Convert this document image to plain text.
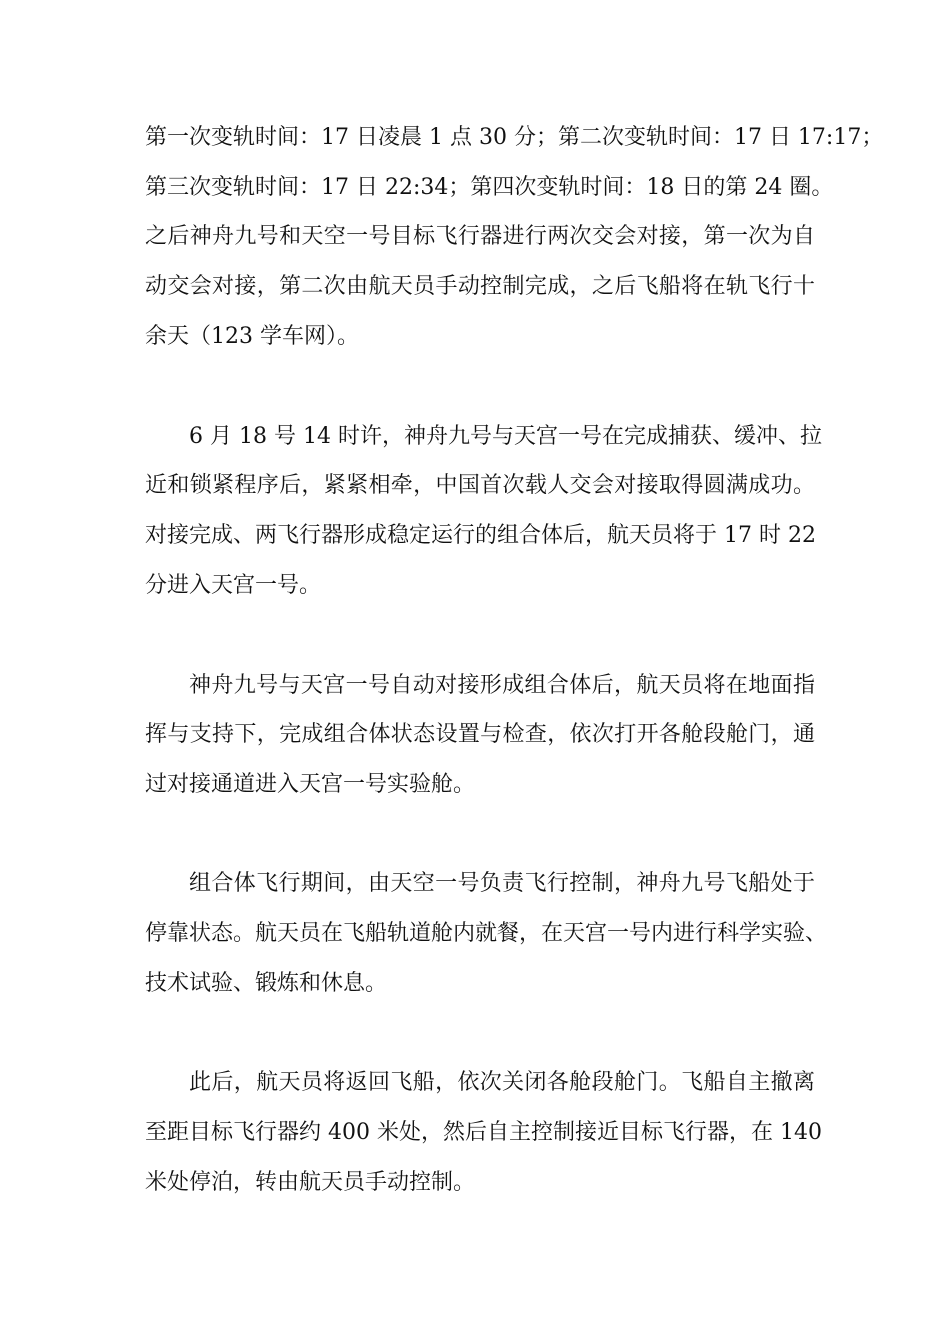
第一次变轨时间：17 日凌晨 1 点 30 分；第二次变轨时间：17 日 17:17；
第三次变轨时间：17 日 22:34；第四次变轨时间：18 日的第 24 圈。
之后神舟九号和天空一号目标飞行器进行两次交会对接，第一次为自
动交会对接，第二次由航天员手动控制完成，之后飞船将在轨飞行十
余天（123 学车网）。
6 月 18 号 14 时许，神舟九号与天宫一号在完成捕获、缓冲、拉
近和锁紧程序后，紧紧相牵，中国首次载人交会对接取得圆满成功。
对接完成、两飞行器形成稳定运行的组合体后，航天员将于 17 时 22
分进入天宫一号。
神舟九号与天宫一号自动对接形成组合体后，航天员将在地面指
挥与支持下，完成组合体状态设置与检查，依次打开各舱段舱门，通
过对接通道进入天宫一号实验舱。
组合体飞行期间，由天空一号负责飞行控制，神舟九号飞船处于
停靠状态。航天员在飞船轨道舱内就餐，在天宫一号内进行科学实验、
技术试验、锻炼和休息。
此后，航天员将返回飞船，依次关闭各舱段舱门。飞船自主撤离
至距目标飞行器约 400 米处，然后自主控制接近目标飞行器，在 140
米处停泊，转由航天员手动控制。
